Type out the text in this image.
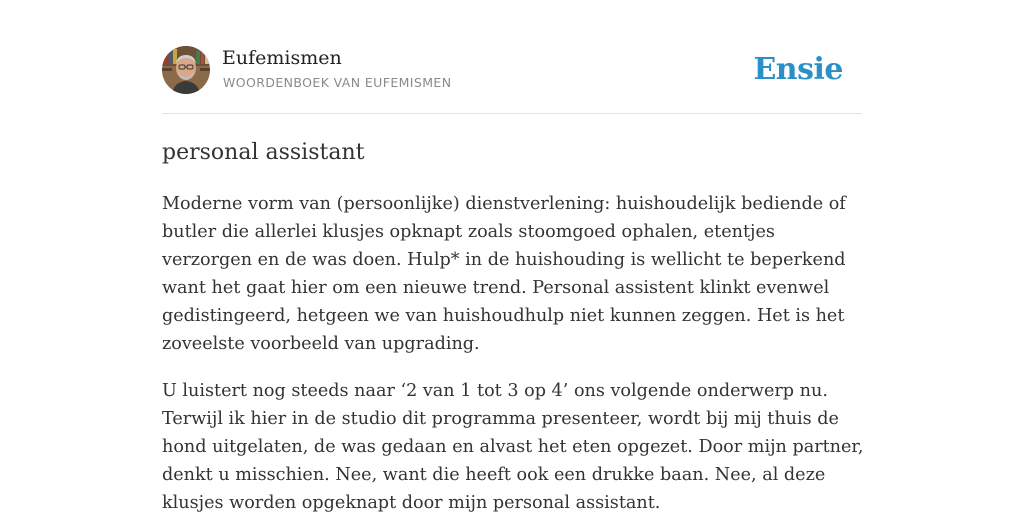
Eufemismen
WOORDENBOEK VAN EUFEMISMEN	Ensie
personal assistant

Moderne vorm van (persoonlijke) dienstverlening: huishoudelijk bediende of butler die allerlei klusjes opknapt zoals stoomgoed ophalen, etentjes verzorgen en de was doen. Hulp* in de huishouding is wellicht te beperkend want het gaat hier om een nieuwe trend. Personal assistent klinkt evenwel gedistingeerd, hetgeen we van huishoudhulp niet kunnen zeggen. Het is het zoveelste voorbeeld van upgrading.

U luistert nog steeds naar ‘2 van 1 tot 3 op 4’ ons volgende onderwerp nu. Terwijl ik hier in de studio dit programma presenteer, wordt bij mij thuis de hond uitgelaten, de was gedaan en alvast het eten opgezet. Door mijn partner, denkt u misschien. Nee, want die heeft ook een drukke baan. Nee, al deze klusjes worden opgeknapt door mijn personal assistant.
